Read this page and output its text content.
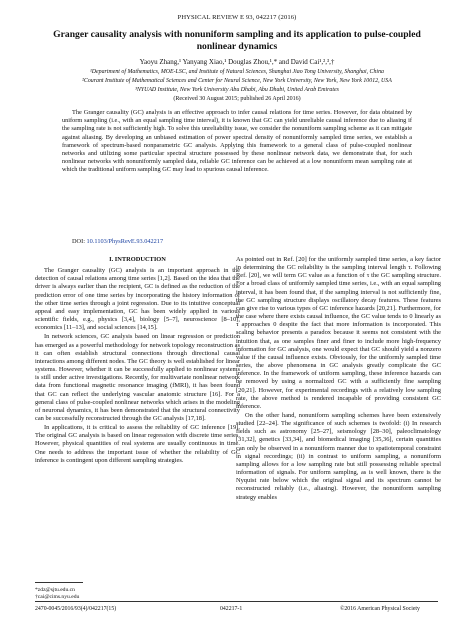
PHYSICAL REVIEW E 93, 042217 (2016)
Granger causality analysis with nonuniform sampling and its application to pulse-coupled nonlinear dynamics
Yaoyu Zhang,¹ Yanyang Xiao,¹ Douglas Zhou,¹,* and David Cai¹,²,³,†
¹Department of Mathematics, MOE-LSC, and Institute of Natural Sciences, Shanghai Jiao Tong University, Shanghai, China
²Courant Institute of Mathematical Sciences and Center for Neural Science, New York University, New York, New York 10012, USA
³NYUAD Institute, New York University Abu Dhabi, Abu Dhabi, United Arab Emirates
(Received 30 August 2015; published 26 April 2016)
The Granger causality (GC) analysis is an effective approach to infer causal relations for time series. However, for data obtained by uniform sampling (i.e., with an equal sampling time interval), it is known that GC can yield unreliable causal inference due to aliasing if the sampling rate is not sufficiently high. To solve this unreliability issue, we consider the nonuniform sampling scheme as it can mitigate against aliasing. By developing an unbiased estimation of power spectral density of nonuniformly sampled time series, we establish a framework of spectrum-based nonparametric GC analysis. Applying this framework to a general class of pulse-coupled nonlinear networks and utilizing some particular spectral structure possessed by these nonlinear network data, we demonstrate that, for such nonlinear networks with nonuniformly sampled data, reliable GC inference can be achieved at a low nonuniform mean sampling rate at which the traditional uniform sampling GC may lead to spurious causal inference.
DOI: 10.1103/PhysRevE.93.042217
I. INTRODUCTION

The Granger causality (GC) analysis is an important approach in the detection of causal relations among time series [1,2]. Based on the idea that the driver is always earlier than the recipient, GC is defined as the reduction of the prediction error of one time series by incorporating the history information of the other time series through a joint regression. Due to its intuitive conceptual appeal and easy implementation, GC has been widely applied in various scientific fields, e.g., physics [3,4], biology [5–7], neuroscience [8–10], economics [11–13], and social sciences [14,15].

In network sciences, GC analysis based on linear regression or prediction has emerged as a powerful methodology for network topology reconstruction as it can often establish structural connections through directional causal interactions among different nodes. The GC theory is well established for linear systems. However, whether it can be successfully applied to nonlinear systems is still under active investigations. Recently, for multivariate nonlinear network data from functional magnetic resonance imaging (fMRI), it has been found that GC can reflect the underlying vascular anatomic structure [16]. For a general class of pulse-coupled nonlinear networks which arises in the modeling of neuronal dynamics, it has been demonstrated that the structural connectivity can be successfully reconstructed through the GC analysis [17,18].

In applications, it is critical to assess the reliability of GC inference [19]. The original GC analysis is based on linear regression with discrete time series. However, physical quantities of real systems are usually continuous in time. One needs to address the important issue of whether the reliability of GC inference is contingent upon different sampling strategies.

As pointed out in Ref. [20] for the uniformly sampled time series, a key factor in determining the GC reliability is the sampling interval length τ. Following Ref. [20], we will term GC value as a function of τ the GC sampling structure. For a broad class of uniformly sampled time series, i.e., with an equal sampling interval, it has been found that, if the sampling interval is not sufficiently fine, the GC sampling structure displays oscillatory decay features. These features can give rise to various types of GC inference hazards [20,21]. Furthermore, for the case where there exists causal influence, the GC value tends to 0 linearly as τ approaches 0 despite the fact that more information is incorporated. This scaling behavior presents a paradox because it seems not consistent with the intuition that, as one samples finer and finer to include more high-frequency information for GC analysis, one would expect that GC should yield a nonzero value if the causal influence exists. Obviously, for the uniformly sampled time series, the above phenomena in GC analysis greatly complicate the GC inference. In the framework of uniform sampling, these inference hazards can be removed by using a normalized GC with a sufficiently fine sampling [20,21]. However, for experimental recordings with a relatively low sampling rate, the above method is rendered incapable of providing consistent GC inference.

On the other hand, nonuniform sampling schemes have been extensively studied [22–24]. The significance of such schemes is twofold: (i) In research fields such as astronomy [25–27], seismology [28–30], paleoclimatology [31,32], genetics [33,34], and biomedical imaging [35,36], certain quantities can only be observed in a nonuniform manner due to spatiotemporal constraint in signal recordings; (ii) in contrast to uniform sampling, a nonuniform sampling allows for a low sampling rate but still possessing reliable spectral information of signals. For uniform sampling, as is well known, there is the Nyquist rate below which the original signal and its spectrum cannot be reconstructed reliably (i.e., aliasing). However, the nonuniform sampling strategy enables

*zdz@sjtu.edu.cn
†cai@cims.nyu.edu
2470-0045/2016/93(4)/042217(15)	042217-1	©2016 American Physical Society
